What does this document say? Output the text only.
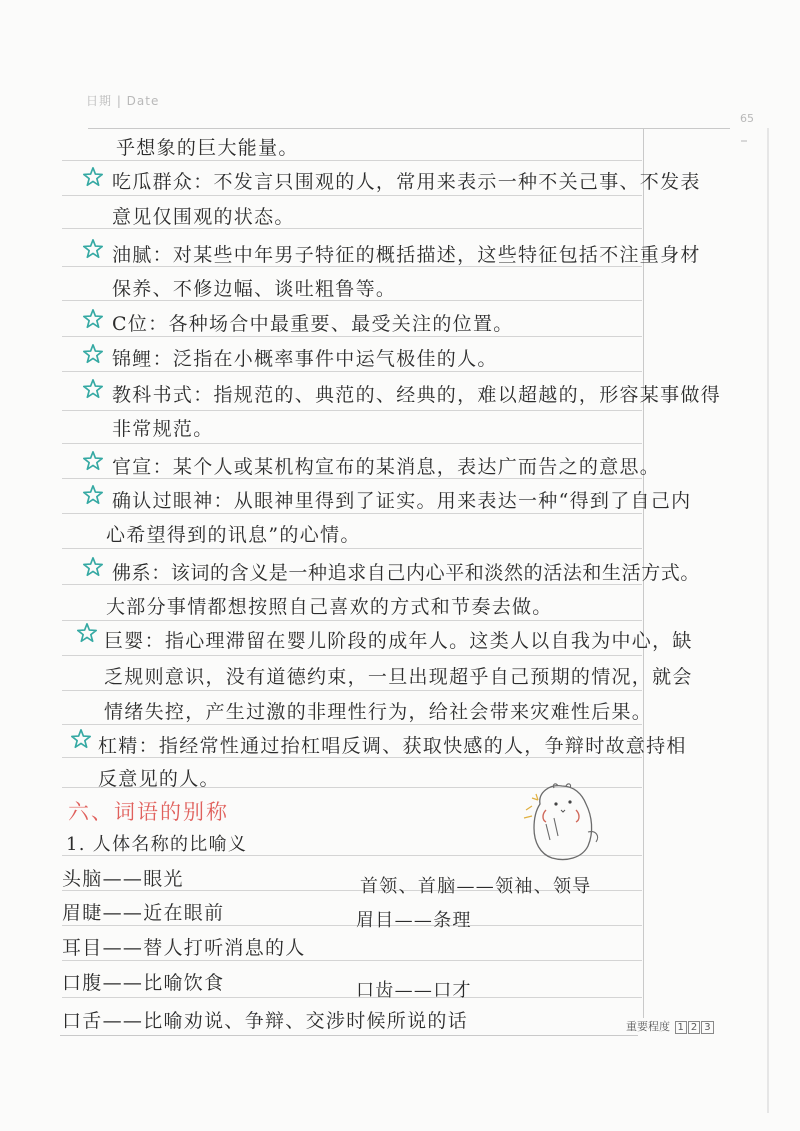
日期 | Date
65
乎想象的巨大能量。
吃瓜群众：不发言只围观的人，常用来表示一种不关己事、不发表
意见仅围观的状态。
油腻：对某些中年男子特征的概括描述，这些特征包括不注重身材
保养、不修边幅、谈吐粗鲁等。
C位：各种场合中最重要、最受关注的位置。
锦鲤：泛指在小概率事件中运气极佳的人。
教科书式：指规范的、典范的、经典的，难以超越的，形容某事做得
非常规范。
官宣：某个人或某机构宣布的某消息，表达广而告之的意思。
确认过眼神：从眼神里得到了证实。用来表达一种“得到了自己内
心希望得到的讯息”的心情。
佛系：该词的含义是一种追求自己内心平和淡然的活法和生活方式。
大部分事情都想按照自己喜欢的方式和节奏去做。
巨婴：指心理滞留在婴儿阶段的成年人。这类人以自我为中心，缺
乏规则意识，没有道德约束，一旦出现超乎自己预期的情况，就会
情绪失控，产生过激的非理性行为，给社会带来灾难性后果。
杠精：指经常性通过抬杠唱反调、获取快感的人，争辩时故意持相
反意见的人。
六、词语的别称
1. 人体名称的比喻义
头脑——眼光	首领、首脑——领袖、领导
眉睫——近在眼前	眉目——条理
耳目——替人打听消息的人
口腹——比喻饮食	口齿——口才
口舌——比喻劝说、争辩、交涉时候所说的话	重要程度 1 2 3
